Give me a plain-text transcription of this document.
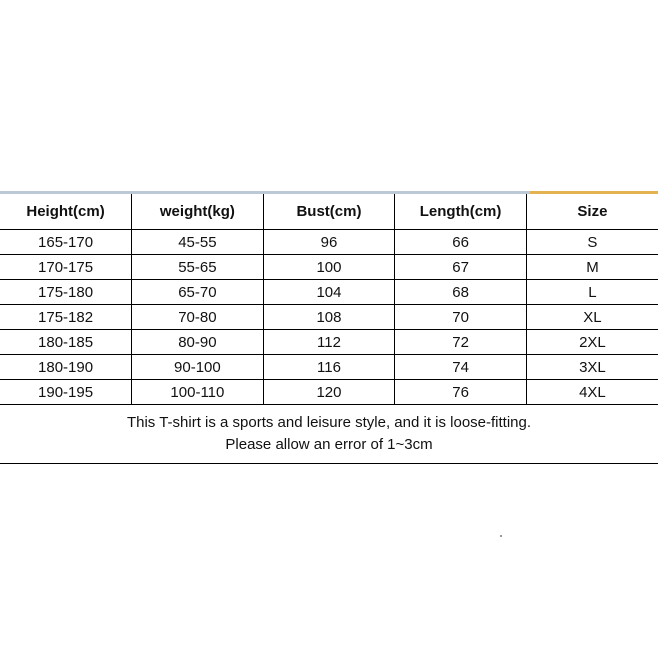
Height(cm)	weight(kg)	Bust(cm)	Length(cm)	Size
165-170	45-55	96	66	S
170-175	55-65	100	67	M
175-180	65-70	104	68	L
175-182	70-80	108	70	XL
180-185	80-90	112	72	2XL
180-190	90-100	116	74	3XL
190-195	100-110	120	76	4XL
This T-shirt is a sports and leisure style, and it is loose-fitting.
Please allow an error of 1~3cm
